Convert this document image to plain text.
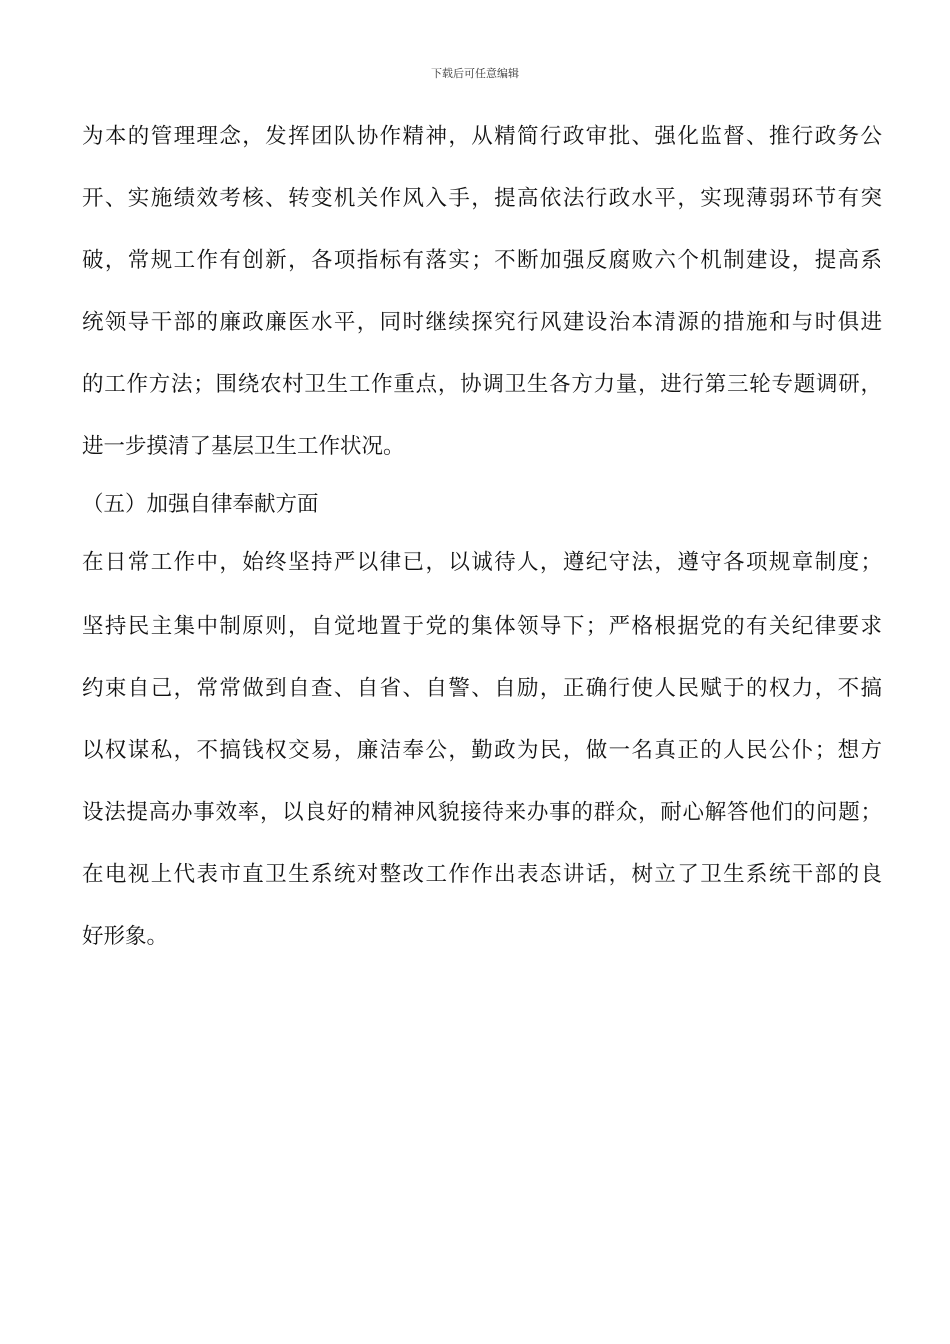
下载后可任意编辑
为本的管理理念，发挥团队协作精神，从精简行政审批、强化监督、推行政务公
开、实施绩效考核、转变机关作风入手，提高依法行政水平，实现薄弱环节有突
破，常规工作有创新，各项指标有落实；不断加强反腐败六个机制建设，提高系
统领导干部的廉政廉医水平，同时继续探究行风建设治本清源的措施和与时俱进
的工作方法；围绕农村卫生工作重点，协调卫生各方力量，进行第三轮专题调研，
进一步摸清了基层卫生工作状况。
（五）加强自律奉献方面
在日常工作中，始终坚持严以律已，以诚待人，遵纪守法，遵守各项规章制度；
坚持民主集中制原则，自觉地置于党的集体领导下；严格根据党的有关纪律要求
约束自己，常常做到自查、自省、自警、自励，正确行使人民赋于的权力，不搞
以权谋私，不搞钱权交易，廉洁奉公，勤政为民，做一名真正的人民公仆；想方
设法提高办事效率，以良好的精神风貌接待来办事的群众，耐心解答他们的问题；
在电视上代表市直卫生系统对整改工作作出表态讲话，树立了卫生系统干部的良
好形象。
